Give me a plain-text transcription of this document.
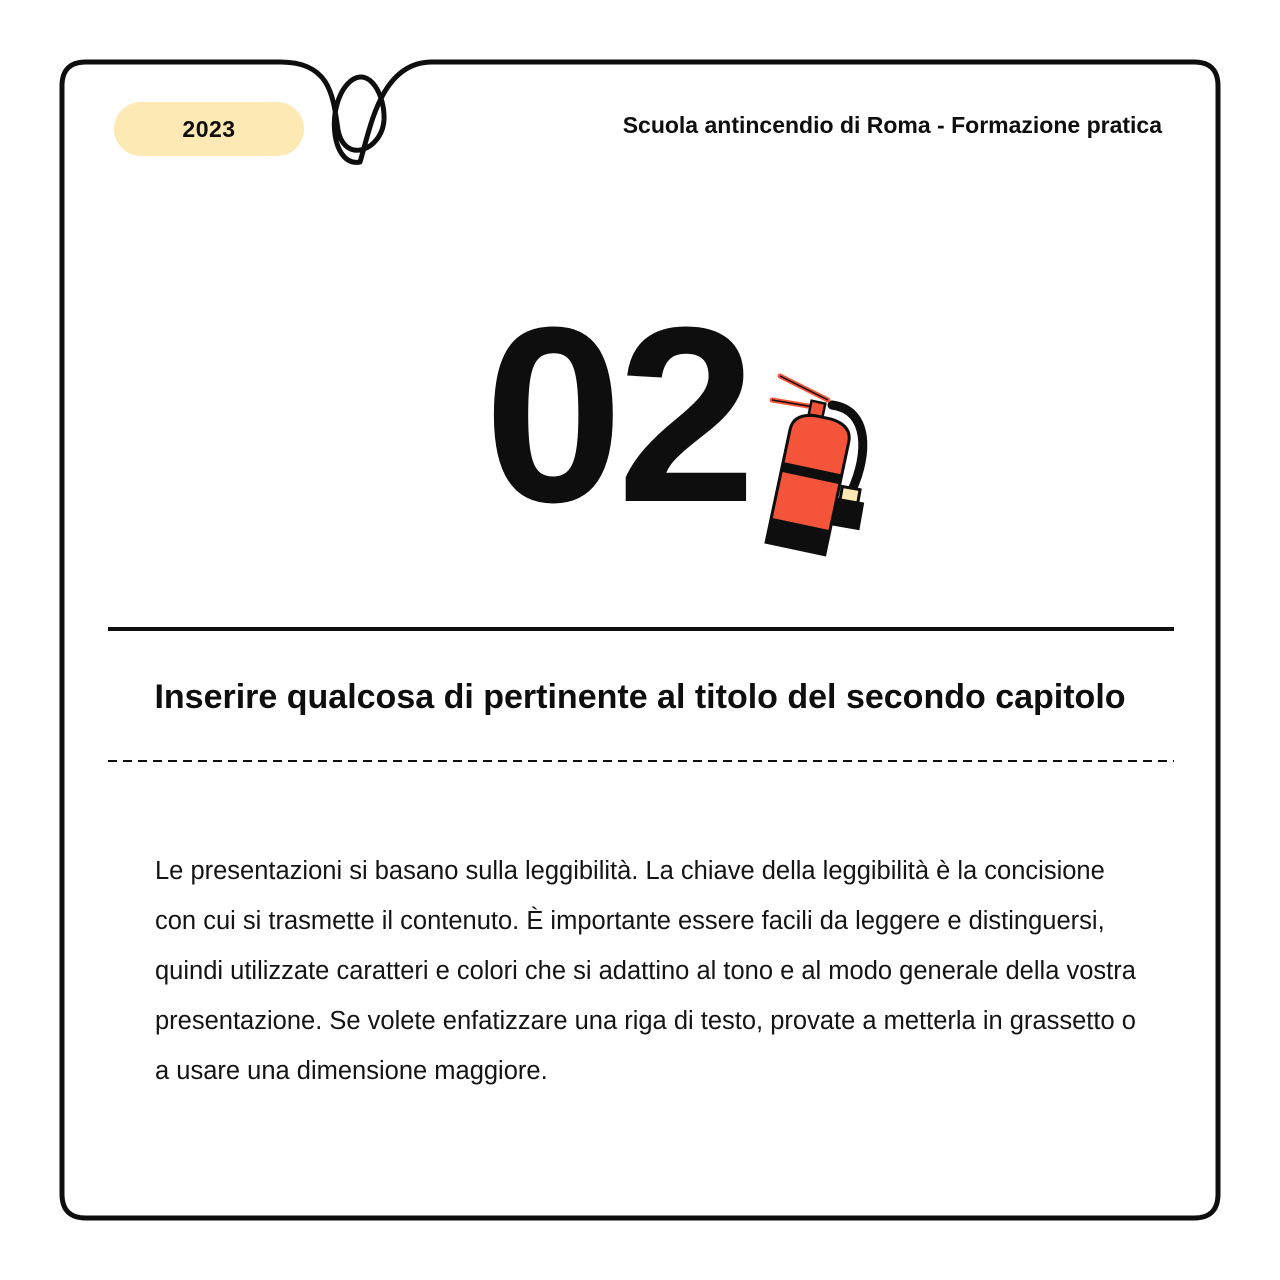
2023	Scuola antincendio di Roma - Formazione pratica
02
Inserire qualcosa di pertinente al titolo del secondo capitolo
Le presentazioni si basano sulla leggibilità. La chiave della leggibilità è la concisione con cui si trasmette il contenuto. È importante essere facili da leggere e distinguersi, quindi utilizzate caratteri e colori che si adattino al tono e al modo generale della vostra presentazione. Se volete enfatizzare una riga di testo, provate a metterla in grassetto o a usare una dimensione maggiore.
